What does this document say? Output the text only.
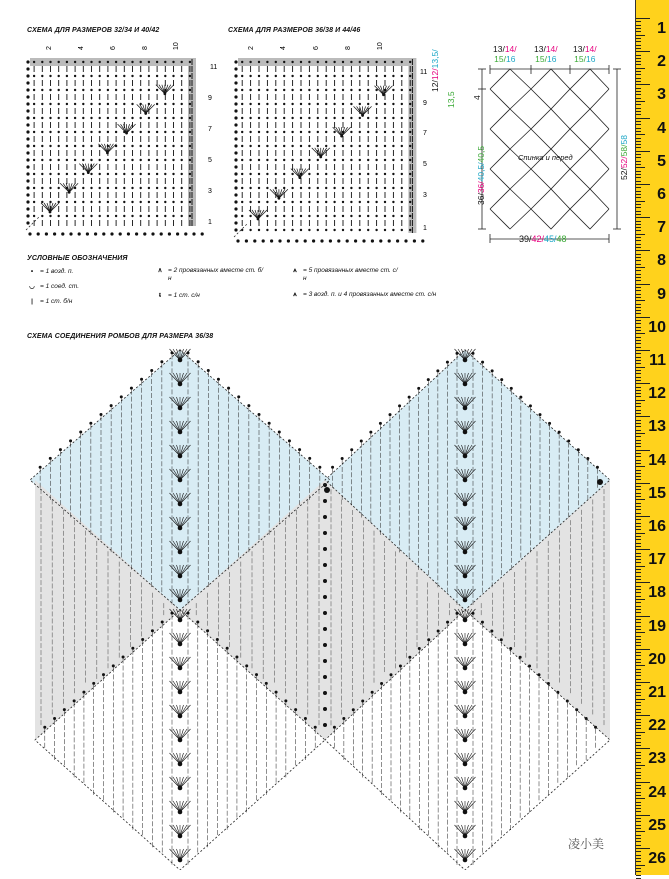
СХЕМА ДЛЯ РАЗМЕРОВ 32/34 И 40/42
2	4	6	8	10
11
9
7
5
3
1
СХЕМА ДЛЯ РАЗМЕРОВ 36/38 И 44/46
2	4	6	8	10
11
9
7
5
3
1
Спинка и перед
13/14/
15/16
13/14/
15/16
13/14/
15/16
12/12/13,5/
13,5 4
36/36/40,5/40,5
52/52/58/58
39/42/45/48
УСЛОВНЫЕ ОБОЗНАЧЕНИЯ
•	= 1 возд. п.
◡ = 1 соед. ст.
|	= 1 ст. б/н
∧ = 2 провязанных вместе ст. б/н
ŧ	= 1 ст. с/н
⩚ = 5 провязанных вместе ст. с/н
⩚ = 3 возд. п. и 4 провязанных вместе ст. с/н
СХЕМА СОЕДИНЕНИЯ РОМБОВ ДЛЯ РАЗМЕРА 36/38
1
2
3
4
5
6
7
8
9
10
11
12
13
14
15
16
17
18
19
20
21
22
23
24
25
26
凌小美
